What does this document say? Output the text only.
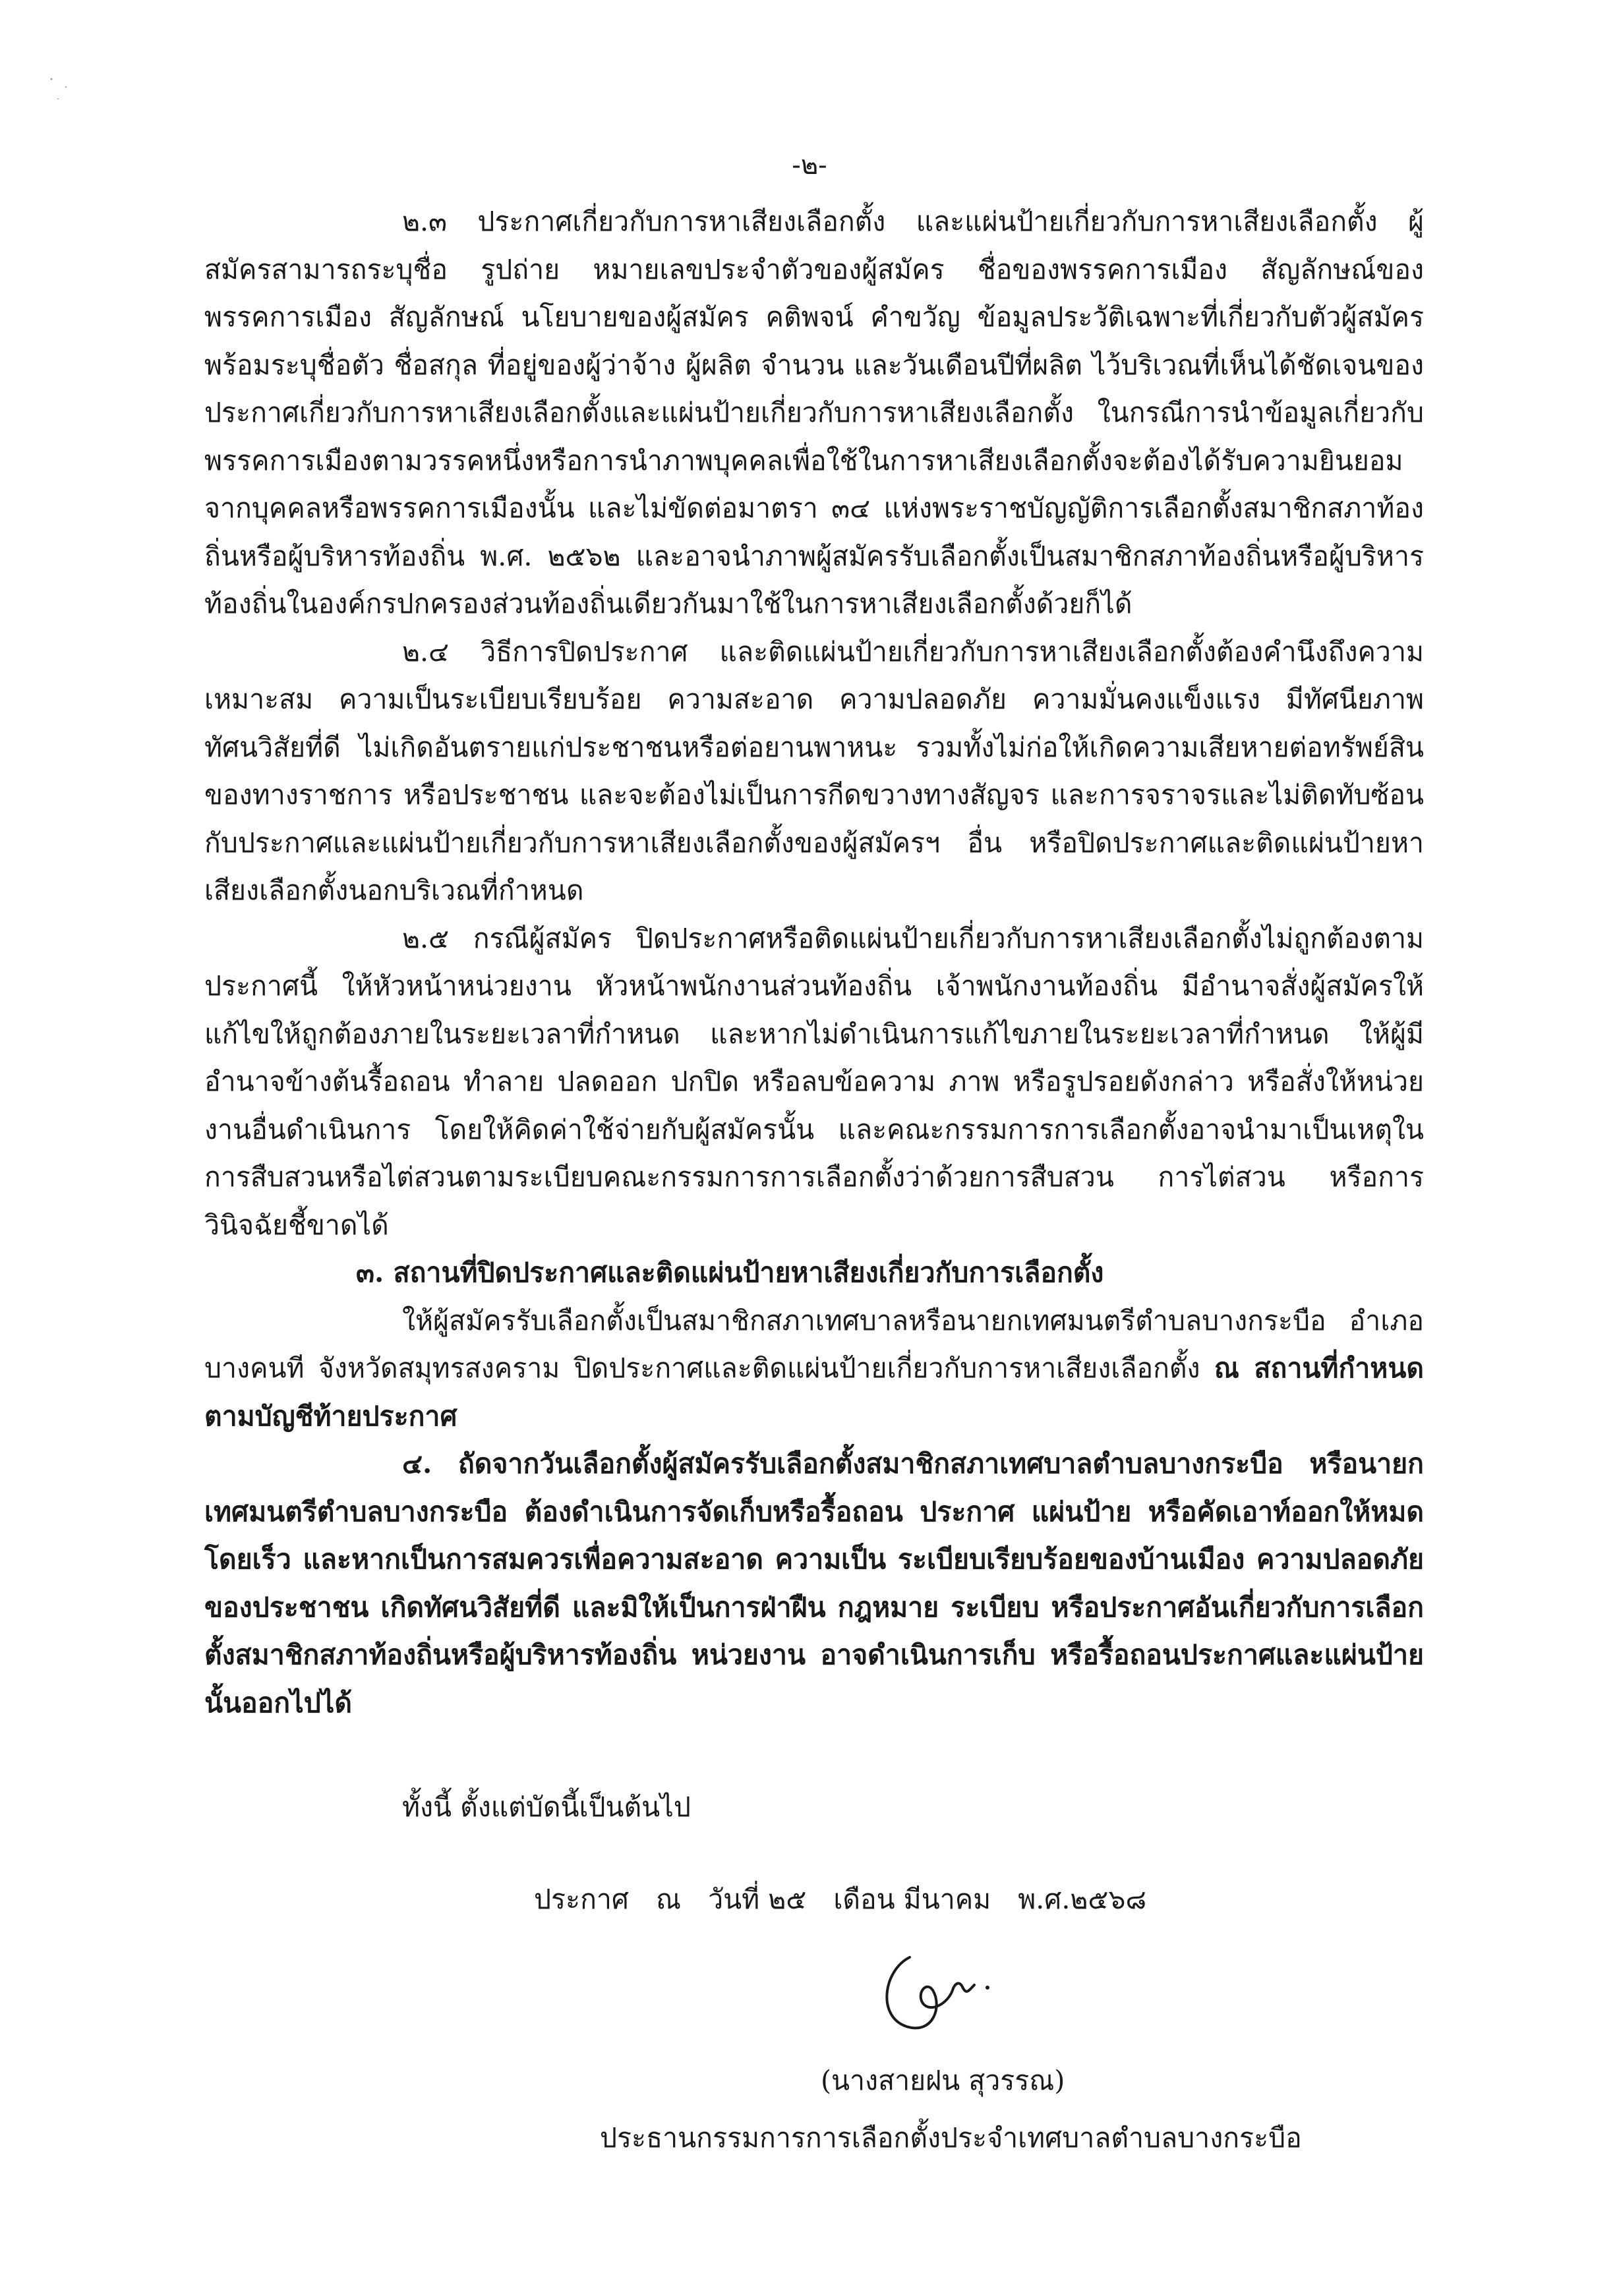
-๒-

๒.๓ ประกาศเกี่ยวกับการหาเสียงเลือกตั้ง และแผ่นป้ายเกี่ยวกับการหาเสียงเลือกตั้ง ผู้สมัครสามารถระบุชื่อ รูปถ่าย หมายเลขประจำตัวของผู้สมัคร ชื่อของพรรคการเมือง สัญลักษณ์ของพรรคการเมือง สัญลักษณ์ นโยบายของผู้สมัคร คติพจน์ คำขวัญ ข้อมูลประวัติเฉพาะที่เกี่ยวกับตัวผู้สมัคร พร้อมระบุชื่อตัว ชื่อสกุล ที่อยู่ของผู้ว่าจ้าง ผู้ผลิต จำนวน และวันเดือนปีที่ผลิต ไว้บริเวณที่เห็นได้ชัดเจนของประกาศเกี่ยวกับการหาเสียงเลือกตั้งและแผ่นป้ายเกี่ยวกับการหาเสียงเลือกตั้ง ในกรณีการนำข้อมูลเกี่ยวกับพรรคการเมืองตามวรรคหนึ่งหรือการนำภาพบุคคลเพื่อใช้ในการหาเสียงเลือกตั้งจะต้องได้รับความยินยอมจากบุคคลหรือพรรคการเมืองนั้น และไม่ขัดต่อมาตรา ๓๔ แห่งพระราชบัญญัติการเลือกตั้งสมาชิกสภาท้องถิ่นหรือผู้บริหารท้องถิ่น พ.ศ. ๒๕๖๒ และอาจนำภาพผู้สมัครรับเลือกตั้งเป็นสมาชิกสภาท้องถิ่นหรือผู้บริหารท้องถิ่นในองค์กรปกครองส่วนท้องถิ่นเดียวกันมาใช้ในการหาเสียงเลือกตั้งด้วยก็ได้

๒.๔ วิธีการปิดประกาศ และติดแผ่นป้ายเกี่ยวกับการหาเสียงเลือกตั้งต้องคำนึงถึงความเหมาะสม ความเป็นระเบียบเรียบร้อย ความสะอาด ความปลอดภัย ความมั่นคงแข็งแรง มีทัศนียภาพทัศนวิสัยที่ดี ไม่เกิดอันตรายแก่ประชาชนหรือต่อยานพาหนะ รวมทั้งไม่ก่อให้เกิดความเสียหายต่อทรัพย์สินของทางราชการ หรือประชาชน และจะต้องไม่เป็นการกีดขวางทางสัญจร และการจราจรและไม่ติดทับซ้อนกับประกาศและแผ่นป้ายเกี่ยวกับการหาเสียงเลือกตั้งของผู้สมัครฯ อื่น หรือปิดประกาศและติดแผ่นป้ายหาเสียงเลือกตั้งนอกบริเวณที่กำหนด

๒.๕ กรณีผู้สมัคร ปิดประกาศหรือติดแผ่นป้ายเกี่ยวกับการหาเสียงเลือกตั้งไม่ถูกต้องตามประกาศนี้ ให้หัวหน้าหน่วยงาน หัวหน้าพนักงานส่วนท้องถิ่น เจ้าพนักงานท้องถิ่น มีอำนาจสั่งผู้สมัครให้แก้ไขให้ถูกต้องภายในระยะเวลาที่กำหนด และหากไม่ดำเนินการแก้ไขภายในระยะเวลาที่กำหนด ให้ผู้มีอำนาจข้างต้นรื้อถอน ทำลาย ปลดออก ปกปิด หรือลบข้อความ ภาพ หรือรูปรอยดังกล่าว หรือสั่งให้หน่วยงานอื่นดำเนินการ โดยให้คิดค่าใช้จ่ายกับผู้สมัครนั้น และคณะกรรมการการเลือกตั้งอาจนำมาเป็นเหตุในการสืบสวนหรือไต่สวนตามระเบียบคณะกรรมการการเลือกตั้งว่าด้วยการสืบสวน การไต่สวน หรือการวินิจฉัยชี้ขาดได้

๓. สถานที่ปิดประกาศและติดแผ่นป้ายหาเสียงเกี่ยวกับการเลือกตั้ง

ให้ผู้สมัครรับเลือกตั้งเป็นสมาชิกสภาเทศบาลหรือนายกเทศมนตรีตำบลบางกระบือ อำเภอบางคนที จังหวัดสมุทรสงคราม ปิดประกาศและติดแผ่นป้ายเกี่ยวกับการหาเสียงเลือกตั้ง ณ สถานที่กำหนดตามบัญชีท้ายประกาศ

๔. ถัดจากวันเลือกตั้งผู้สมัครรับเลือกตั้งสมาชิกสภาเทศบาลตำบลบางกระบือ หรือนายกเทศมนตรีตำบลบางกระบือ ต้องดำเนินการจัดเก็บหรือรื้อถอน ประกาศ แผ่นป้าย หรือคัดเอาท์ออกให้หมดโดยเร็ว และหากเป็นการสมควรเพื่อความสะอาด ความเป็น ระเบียบเรียบร้อยของบ้านเมือง ความปลอดภัยของประชาชน เกิดทัศนวิสัยที่ดี และมิให้เป็นการฝ่าฝืน กฎหมาย ระเบียบ หรือประกาศอันเกี่ยวกับการเลือกตั้งสมาชิกสภาท้องถิ่นหรือผู้บริหารท้องถิ่น หน่วยงาน อาจดำเนินการเก็บ หรือรื้อถอนประกาศและแผ่นป้ายนั้นออกไปได้

ทั้งนี้ ตั้งแต่บัดนี้เป็นต้นไป
ประกาศ ณ วันที่ ๒๕ เดือน มีนาคม พ.ศ.๒๕๖๘
(นางสายฝน สุวรรณ)
ประธานกรรมการการเลือกตั้งประจำเทศบาลตำบลบางกระบือ
